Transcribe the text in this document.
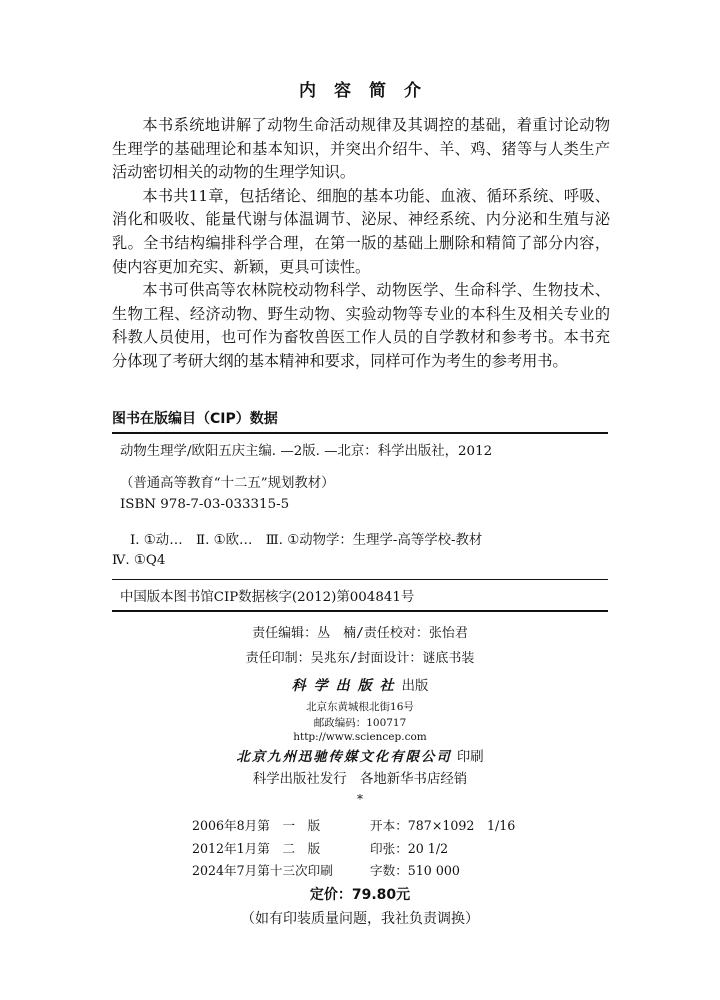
内容简介

本书系统地讲解了动物生命活动规律及其调控的基础，着重讨论动物生理学的基础理论和基本知识，并突出介绍牛、羊、鸡、猪等与人类生产活动密切相关的动物的生理学知识。

本书共11章，包括绪论、细胞的基本功能、血液、循环系统、呼吸、消化和吸收、能量代谢与体温调节、泌尿、神经系统、内分泌和生殖与泌乳。全书结构编排科学合理，在第一版的基础上删除和精简了部分内容，使内容更加充实、新颖，更具可读性。

本书可供高等农林院校动物科学、动物医学、生命科学、生物技术、生物工程、经济动物、野生动物、实验动物等专业的本科生及相关专业的科教人员使用，也可作为畜牧兽医工作人员的自学教材和参考书。本书充分体现了考研大纲的基本精神和要求，同样可作为考生的参考用书。

图书在版编目（CIP）数据
动物生理学/欧阳五庆主编. —2版. —北京：科学出版社，2012
（普通高等教育“十二五”规划教材）
ISBN 978-7-03-033315-5
Ⅰ. ①动…　Ⅱ. ①欧…　Ⅲ. ①动物学：生理学-高等学校-教材
Ⅳ. ①Q4
中国版本图书馆CIP数据核字(2012)第004841号
责任编辑：丛　楠/责任校对：张怡君
责任印制：吴兆东/封面设计：谜底书装
科学出版社出版
北京东黄城根北街16号
邮政编码：100717
http://www.sciencep.com
北京九州迅驰传媒文化有限公司 印刷
科学出版社发行　各地新华书店经销
*
2006年8月第　一　版	开本：787×1092　1/16
2012年1月第　二　版	印张：20 1/2
2024年7月第十三次印刷	字数：510 000
定价：79.80元
（如有印装质量问题，我社负责调换）
